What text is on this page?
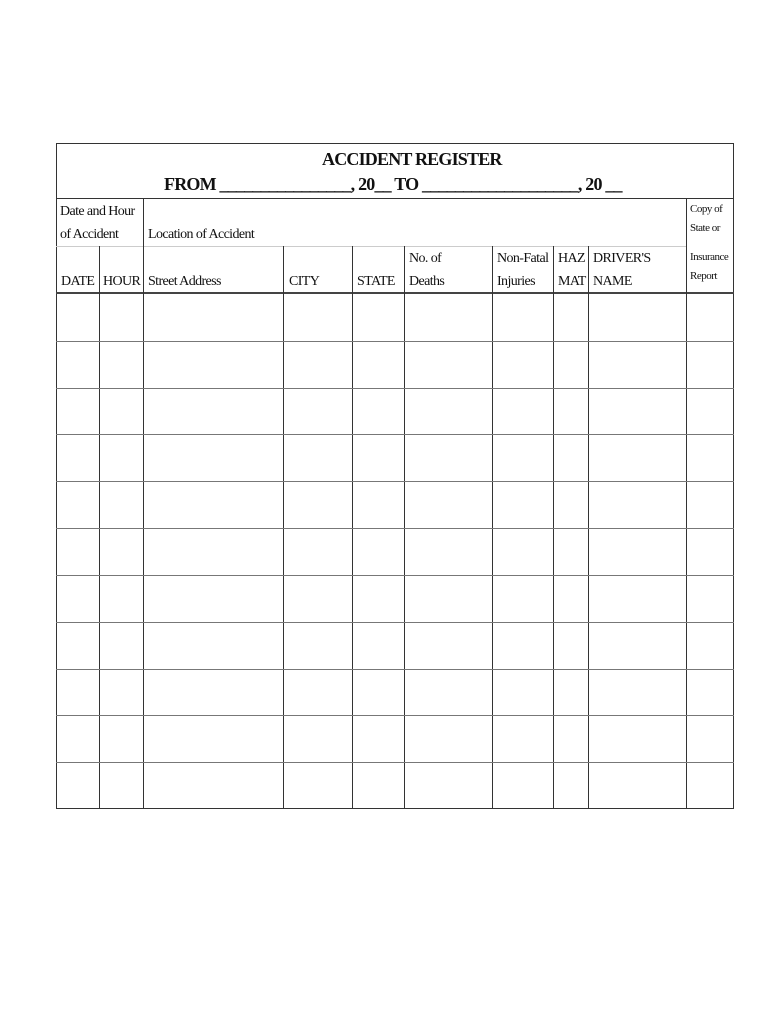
ACCIDENT REGISTER
FROM ________________, 20__ TO ___________________, 20 __
Date and Hour
of Accident Location of Accident
Copy of
State or
DATE HOUR Street Address	CITY	STATE
No. of
Deaths
Non-Fatal
Injuries
HAZ
MAT
DRIVER'S
NAME
Insurance
Report
